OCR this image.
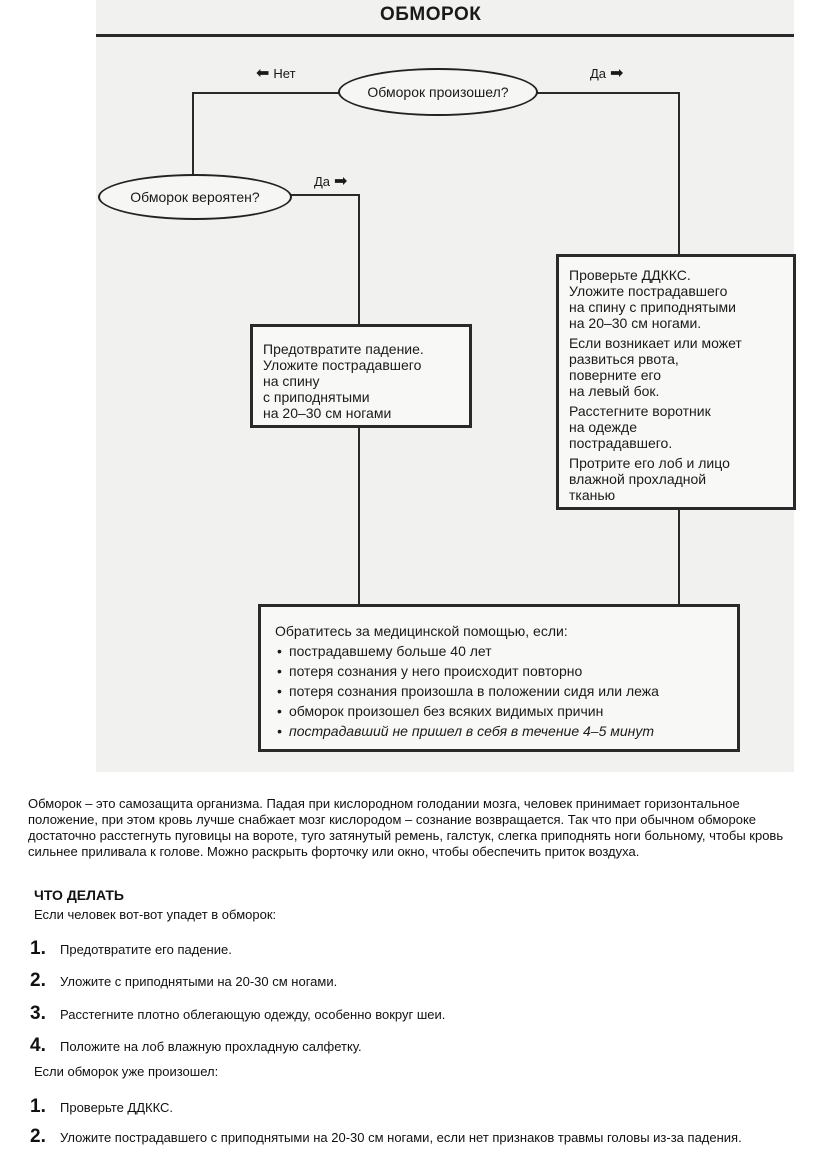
ОБМОРОК
⬅ Нет	Да ➡
Да ➡
Обморок произошел?
Обморок вероятен?

Предотвратите падение.

Уложите пострадавшего

на спину

с приподнятыми

на 20–30 см ногами

Проверьте ДДККС.

Уложите пострадавшего

на спину с приподнятыми

на 20–30 см ногами.

Если возникает или может

развиться рвота,

поверните его

на левый бок.

Расстегните воротник

на одежде

пострадавшего.

Протрите его лоб и лицо

влажной прохладной

тканью

Обратитесь за медицинской помощью, если:

• пострадавшему больше 40 лет
• потеря сознания у него происходит повторно
• потеря сознания произошла в положении сидя или лежа
• обморок произошел без всяких видимых причин
• пострадавший не пришел в себя в течение 4–5 минут
Обморок – это самозащита организма. Падая при кислородном голодании мозга, человек принимает горизонтальное положение, при этом кровь лучше снабжает мозг кислородом – сознание возвращается. Так что при обычном обмороке достаточно расстегнуть пуговицы на вороте, туго затянутый ремень, галстук, слегка приподнять ноги больному, чтобы кровь сильнее приливала к голове. Можно раскрыть форточку или окно, чтобы обеспечить приток воздуха.
ЧТО ДЕЛАТЬ
Если человек вот-вот упадет в обморок:
1.	Предотвратите его падение.
2.	Уложите с приподнятыми на 20-30 см ногами.
3.	Расстегните плотно облегающую одежду, особенно вокруг шеи.
4.	Положите на лоб влажную прохладную салфетку.
Если обморок уже произошел:
1.	Проверьте ДДККС.
2.	Уложите пострадавшего с приподнятыми на 20-30 см ногами, если нет признаков травмы головы из-за падения.
